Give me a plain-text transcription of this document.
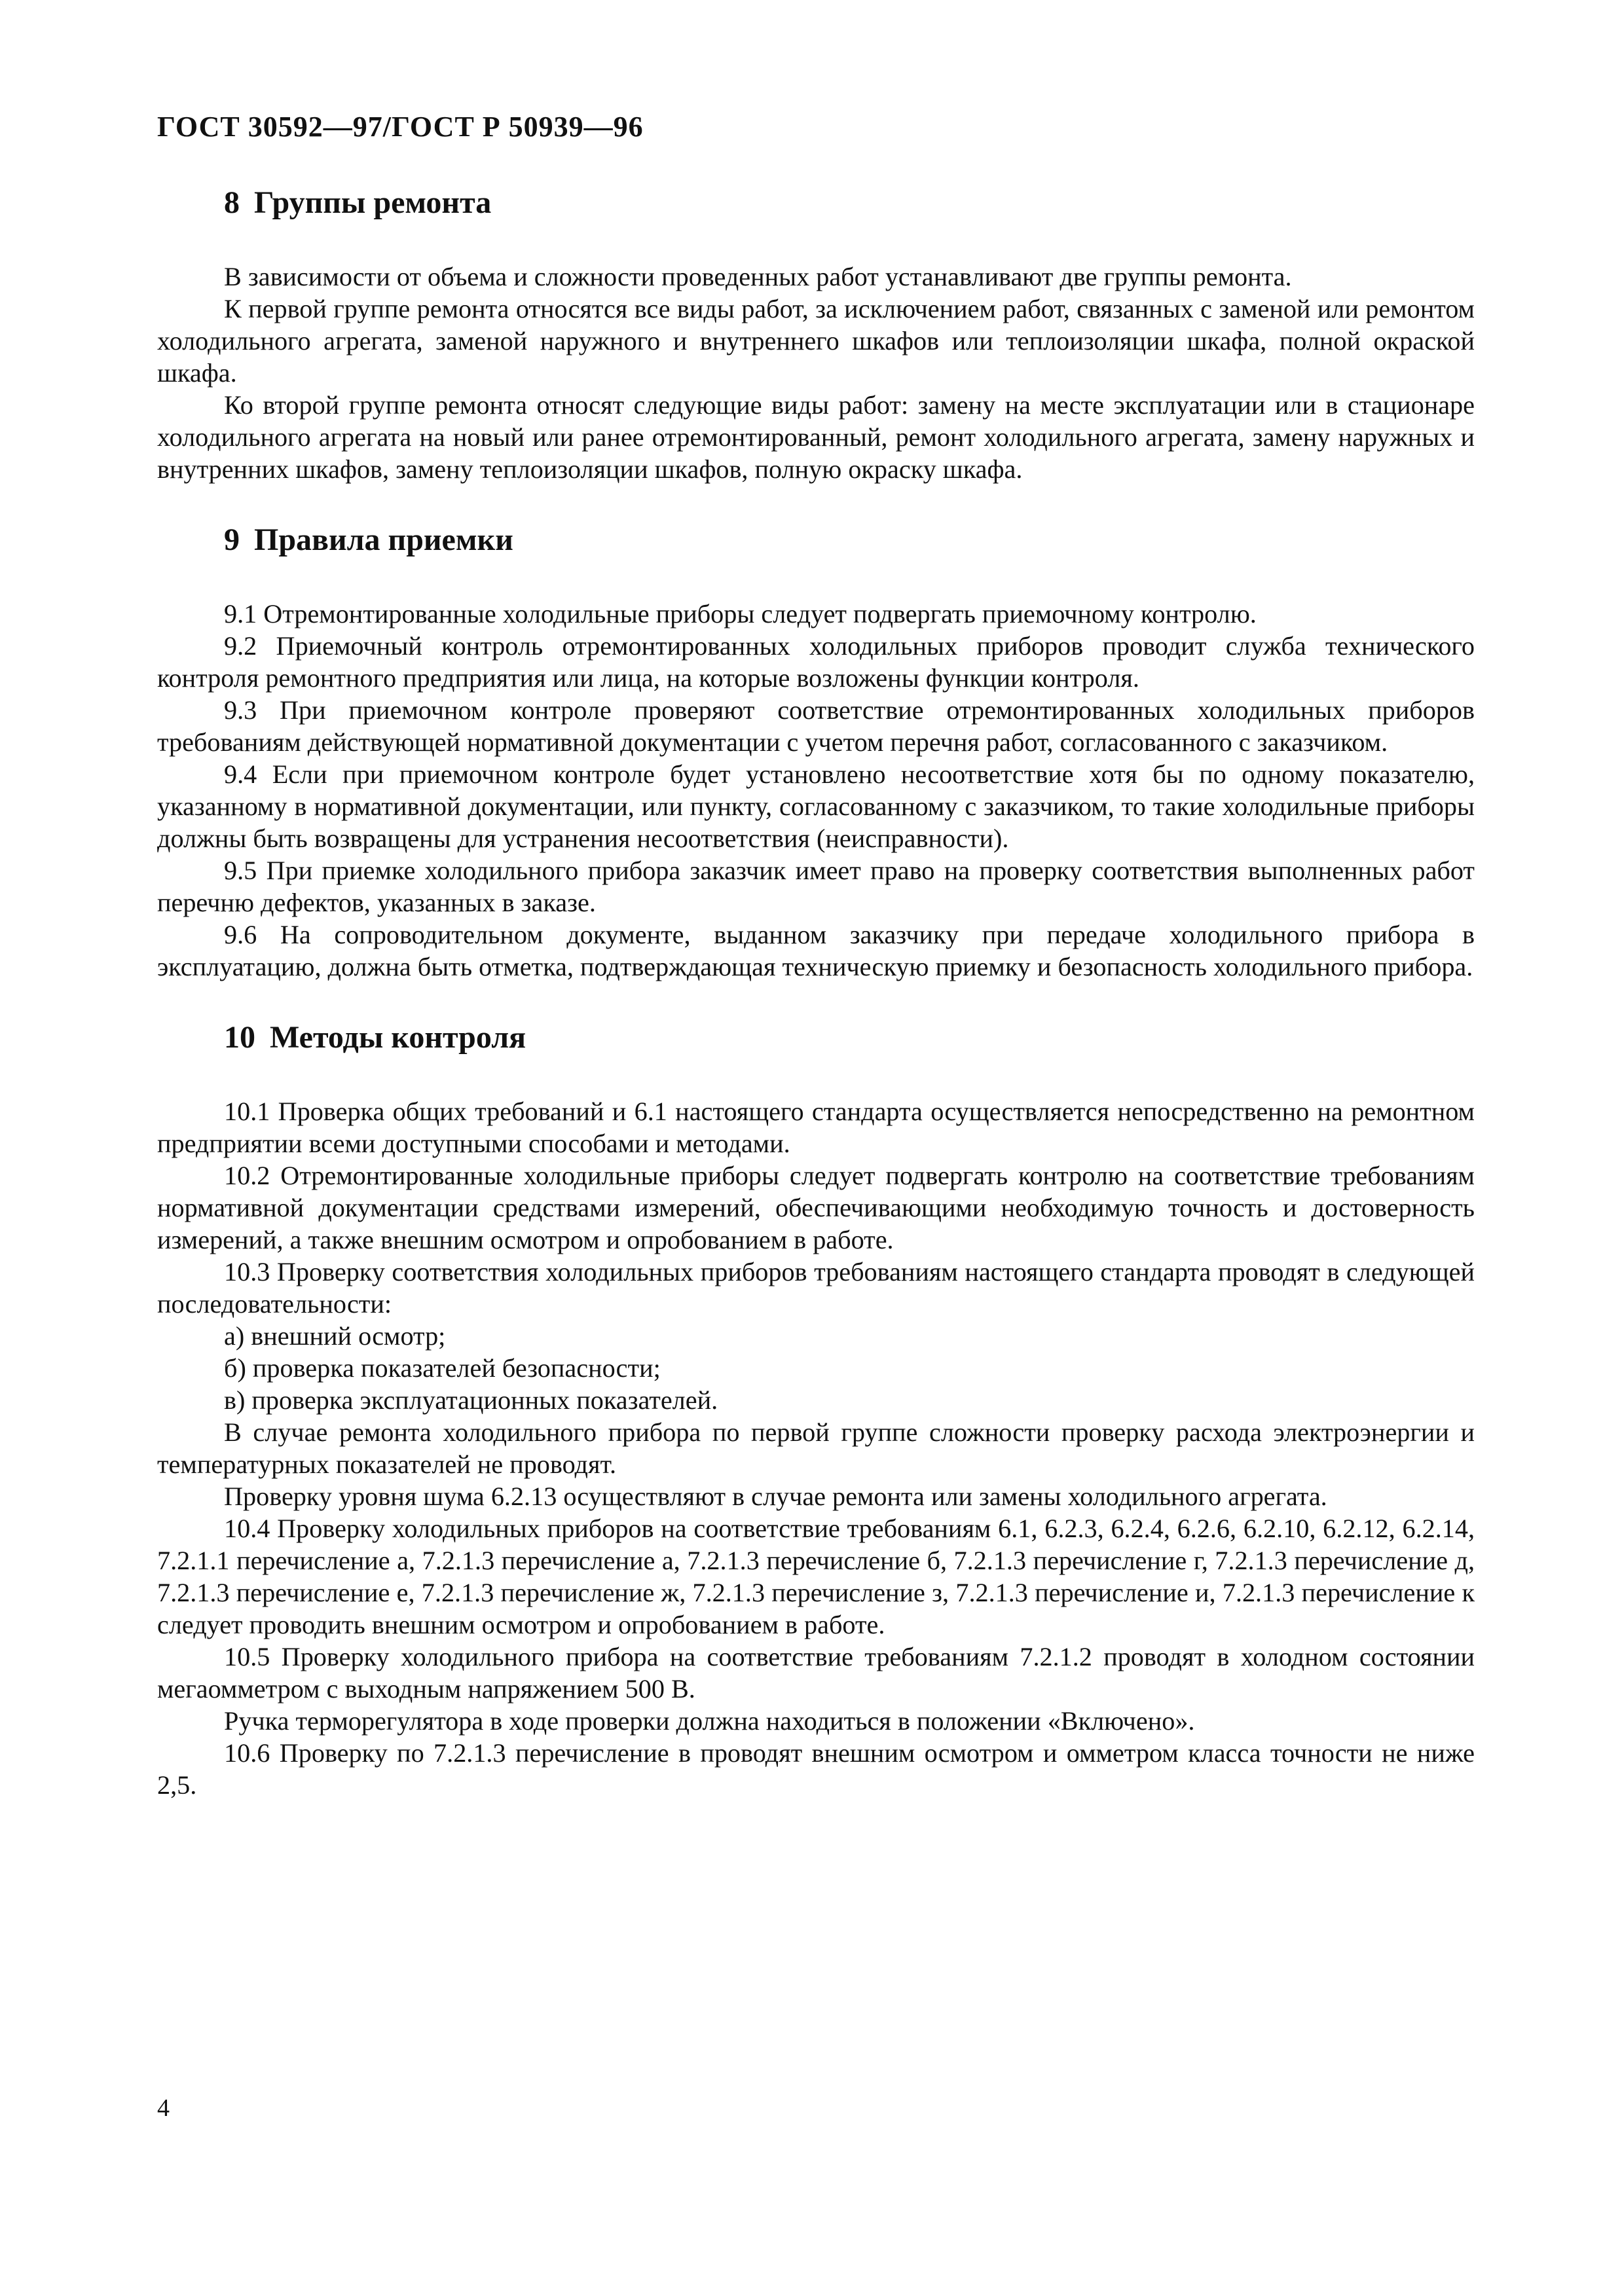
ГОСТ 30592—97/ГОСТ Р 50939—96
8 Группы ремонта

В зависимости от объема и сложности проведенных работ устанавливают две группы ремонта.

К первой группе ремонта относятся все виды работ, за исключением работ, связанных с заменой или ремонтом холодильного агрегата, заменой наружного и внутреннего шкафов или теплоизоляции шкафа, полной окраской шкафа.

Ко второй группе ремонта относят следующие виды работ: замену на месте эксплуатации или в стационаре холодильного агрегата на новый или ранее отремонтированный, ремонт холодильного агрегата, замену наружных и внутренних шкафов, замену теплоизоляции шкафов, полную окраску шкафа.

9 Правила приемки

9.1 Отремонтированные холодильные приборы следует подвергать приемочному контролю.

9.2 Приемочный контроль отремонтированных холодильных приборов проводит служба технического контроля ремонтного предприятия или лица, на которые возложены функции контроля.

9.3 При приемочном контроле проверяют соответствие отремонтированных холодильных приборов требованиям действующей нормативной документации с учетом перечня работ, согласованного с заказчиком.

9.4 Если при приемочном контроле будет установлено несоответствие хотя бы по одному показателю, указанному в нормативной документации, или пункту, согласованному с заказчиком, то такие холодильные приборы должны быть возвращены для устранения несоответствия (неиспрaвности).

9.5 При приемке холодильного прибора заказчик имеет право на проверку соответствия выполненных работ перечню дефектов, указанных в заказе.

9.6 На сопроводительном документе, выданном заказчику при передаче холодильного прибора в эксплуатацию, должна быть отметка, подтверждающая техническую приемку и безопасность холодильного прибора.

10 Методы контроля

10.1 Проверка общих требований и 6.1 настоящего стандарта осуществляется непосредственно на ремонтном предприятии всеми доступными способами и методами.

10.2 Отремонтированные холодильные приборы следует подвергать контролю на соответствие требованиям нормативной документации средствами измерений, обеспечивающими необходимую точность и достоверность измерений, а также внешним осмотром и опробованием в работе.

10.3 Проверку соответствия холодильных приборов требованиям настоящего стандарта проводят в следующей последовательности:

а) внешний осмотр;

б) проверка показателей безопасности;

в) проверка эксплуатационных показателей.

В случае ремонта холодильного прибора по первой группе сложности проверку расхода электроэнергии и температурных показателей не проводят.

Проверку уровня шума 6.2.13 осуществляют в случае ремонта или замены холодильного агрегата.

10.4 Проверку холодильных приборов на соответствие требованиям 6.1, 6.2.3, 6.2.4, 6.2.6, 6.2.10, 6.2.12, 6.2.14, 7.2.1.1 перечисление а, 7.2.1.3 перечисление а, 7.2.1.3 перечисление б, 7.2.1.3 перечисление г, 7.2.1.3 перечисление д, 7.2.1.3 перечисление е, 7.2.1.3 перечисление ж, 7.2.1.3 перечисление з, 7.2.1.3 перечисление и, 7.2.1.3 перечисление к следует проводить внешним осмотром и опробованием в работе.

10.5 Проверку холодильного прибора на соответствие требованиям 7.2.1.2 проводят в холодном состоянии мегаомметром с выходным напряжением 500 В.

Ручка терморегулятора в ходе проверки должна находиться в положении «Включено».

10.6 Проверку по 7.2.1.3 перечисление в проводят внешним осмотром и омметром класса точности не ниже 2,5.

4
